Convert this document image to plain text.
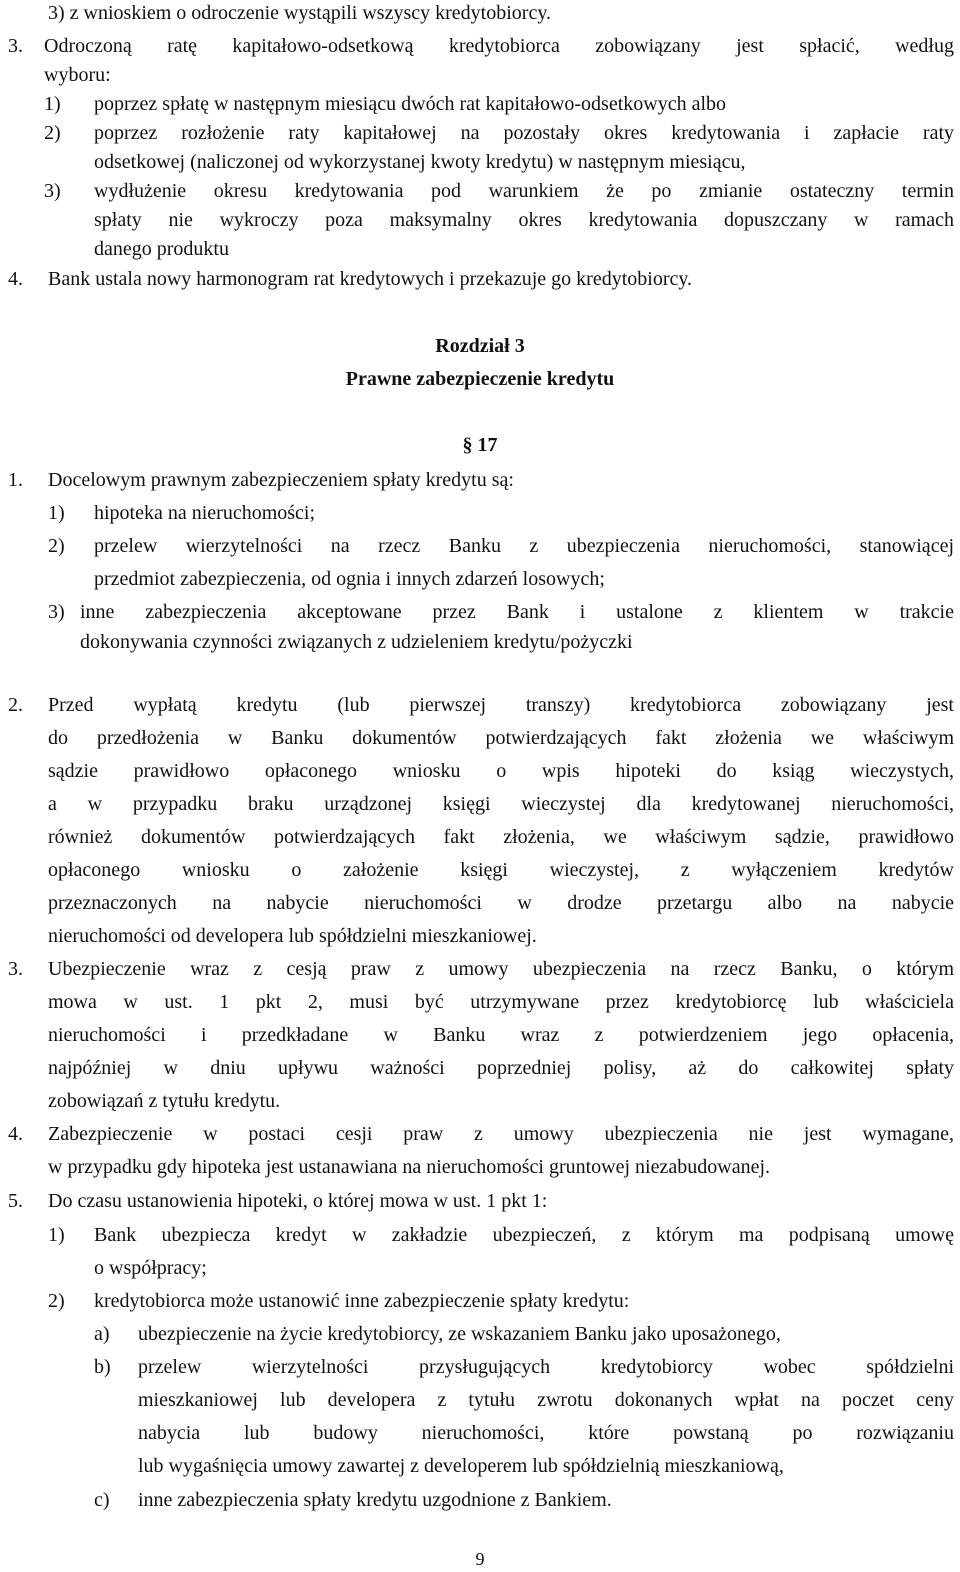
3) z wnioskiem o odroczenie wystąpili wszyscy kredytobiorcy.
3. Odroczoną ratę kapitałowo-odsetkową kredytobiorca zobowiązany jest spłacić, według
wyboru:
1) poprzez spłatę w następnym miesiącu dwóch rat kapitałowo-odsetkowych albo
2) poprzez rozłożenie raty kapitałowej na pozostały okres kredytowania i zapłacie raty
odsetkowej (naliczonej od wykorzystanej kwoty kredytu) w następnym miesiącu,
3) wydłużenie okresu kredytowania pod warunkiem że po zmianie ostateczny termin
spłaty nie wykroczy poza maksymalny okres kredytowania dopuszczany w ramach
danego produktu
4. Bank ustala nowy harmonogram rat kredytowych i przekazuje go kredytobiorcy.
Rozdział 3
Prawne zabezpieczenie kredytu
§ 17
1. Docelowym prawnym zabezpieczeniem spłaty kredytu są:
1) hipoteka na nieruchomości;
2) przelew wierzytelności na rzecz Banku z ubezpieczenia nieruchomości, stanowiącej
przedmiot zabezpieczenia, od ognia i innych zdarzeń losowych;
3) inne zabezpieczenia akceptowane przez Bank i ustalone z klientem w trakcie
dokonywania czynności związanych z udzieleniem kredytu/pożyczki
2. Przed wypłatą kredytu (lub pierwszej transzy) kredytobiorca zobowiązany jest
do przedłożenia w Banku dokumentów potwierdzających fakt złożenia we właściwym
sądzie prawidłowo opłaconego wniosku o wpis hipoteki do ksiąg wieczystych,
a w przypadku braku urządzonej księgi wieczystej dla kredytowanej nieruchomości,
również dokumentów potwierdzających fakt złożenia, we właściwym sądzie, prawidłowo
opłaconego wniosku o założenie księgi wieczystej, z wyłączeniem kredytów
przeznaczonych na nabycie nieruchomości w drodze przetargu albo na nabycie
nieruchomości od developera lub spółdzielni mieszkaniowej.
3. Ubezpieczenie wraz z cesją praw z umowy ubezpieczenia na rzecz Banku, o którym
mowa w ust. 1 pkt 2, musi być utrzymywane przez kredytobiorcę lub właściciela
nieruchomości i przedkładane w Banku wraz z potwierdzeniem jego opłacenia,
najpóźniej w dniu upływu ważności poprzedniej polisy, aż do całkowitej spłaty
zobowiązań z tytułu kredytu.
4. Zabezpieczenie w postaci cesji praw z umowy ubezpieczenia nie jest wymagane,
w przypadku gdy hipoteka jest ustanawiana na nieruchomości gruntowej niezabudowanej.
5. Do czasu ustanowienia hipoteki, o której mowa w ust. 1 pkt 1:
1) Bank ubezpiecza kredyt w zakładzie ubezpieczeń, z którym ma podpisaną umowę
o współpracy;
2) kredytobiorca może ustanowić inne zabezpieczenie spłaty kredytu:
a) ubezpieczenie na życie kredytobiorcy, ze wskazaniem Banku jako uposażonego,
b) przelew wierzytelności przysługujących kredytobiorcy wobec spółdzielni
mieszkaniowej lub developera z tytułu zwrotu dokonanych wpłat na poczet ceny
nabycia lub budowy nieruchomości, które powstaną po rozwiązaniu
lub wygaśnięcia umowy zawartej z developerem lub spółdzielnią mieszkaniową,
c) inne zabezpieczenia spłaty kredytu uzgodnione z Bankiem.
9
